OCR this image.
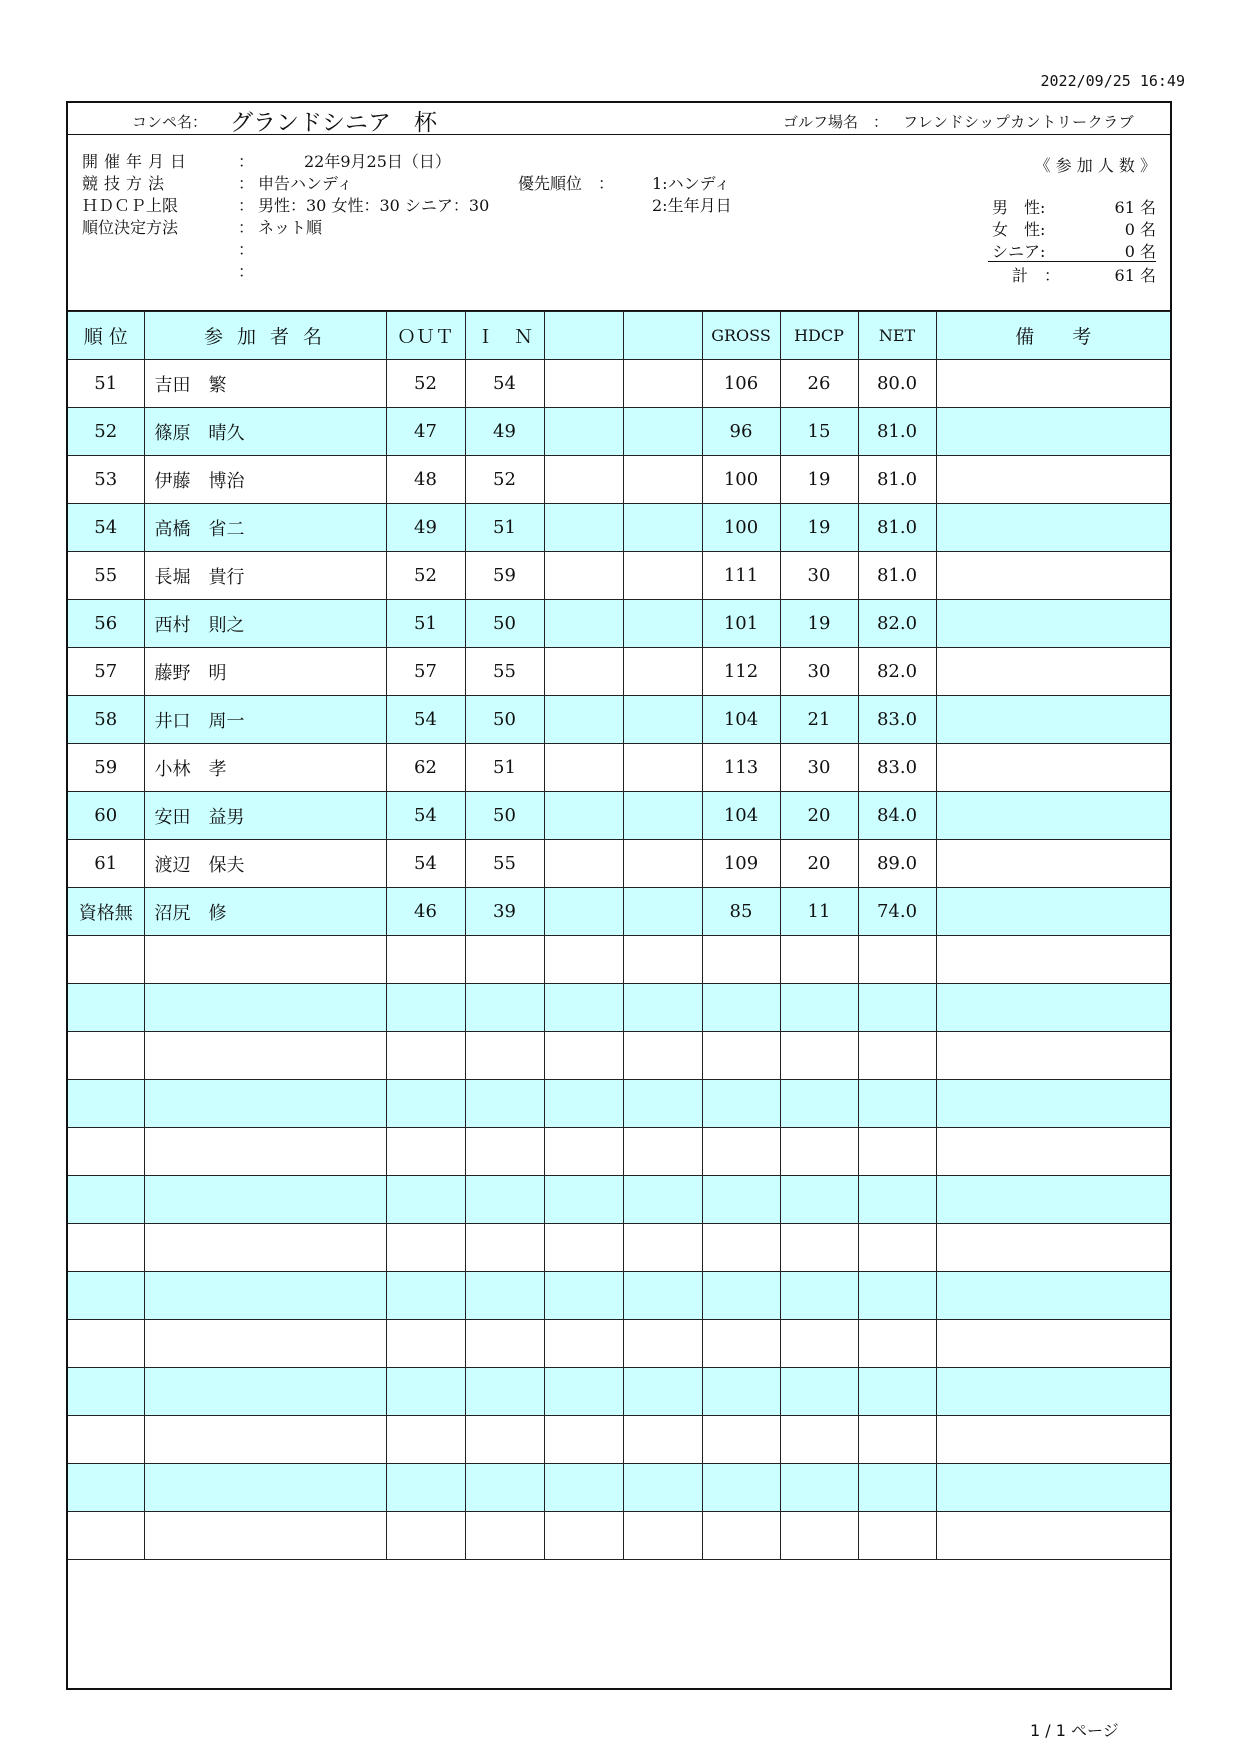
2022/09/25 16:49
コンペ名： グランドシニア　杯	ゴルフ場名　： フレンドシップカントリークラブ
開催年月日	：	22年9月25日（日）
競技方法	： 申告ハンディ	優先順位　： 1:ハンディ
ＨＤＣＰ上限	： 男性：30 女性：30 シニア：30	2:生年月日
順位決定方法	： ネット順
：
：
《 参 加 人 数 》
男　性:	61 名
女　性:	0 名
シニア:	0 名
計　：	61 名
順 位	参 加 者 名	ＯＵＴ	Ｉ　Ｎ			GROSS	HDCP	NET	備　　考
51	吉田　繁	52	54			106	26	80.0	
52	篠原　晴久	47	49			96	15	81.0	
53	伊藤　博治	48	52			100	19	81.0	
54	高橋　省二	49	51			100	19	81.0	
55	長堀　貴行	52	59			111	30	81.0	
56	西村　則之	51	50			101	19	82.0	
57	藤野　明	57	55			112	30	82.0	
58	井口　周一	54	50			104	21	83.0	
59	小林　孝	62	51			113	30	83.0	
60	安田　益男	54	50			104	20	84.0	
61	渡辺　保夫	54	55			109	20	89.0	
資格無	沼尻　修	46	39			85	11	74.0	

1 / 1 ページ
